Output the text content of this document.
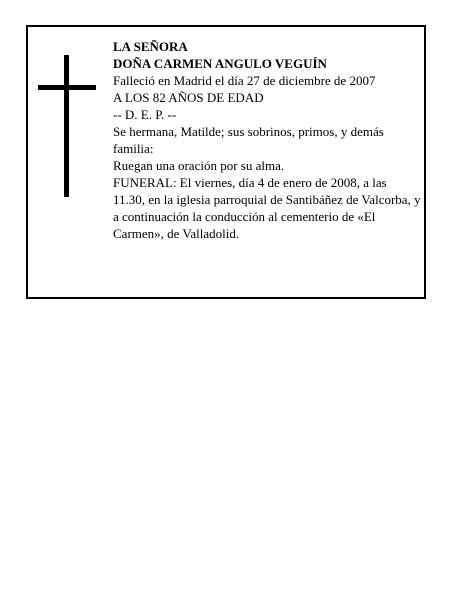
LA SEÑORA
DOÑA CARMEN ANGULO VEGUÍN
Falleció en Madrid el día 27 de diciembre de 2007
A LOS 82 AÑOS DE EDAD
-- D. E. P. --
Se hermana, Matilde; sus sobrinos, primos, y demás familia:
Ruegan una oración por su alma.
FUNERAL: El viernes, día 4 de enero de 2008, a las 11.30, en la iglesia parroquial de Santibáñez de Valcorba, y a continuación la conducción al cementerio de «El Carmen», de Valladolid.
